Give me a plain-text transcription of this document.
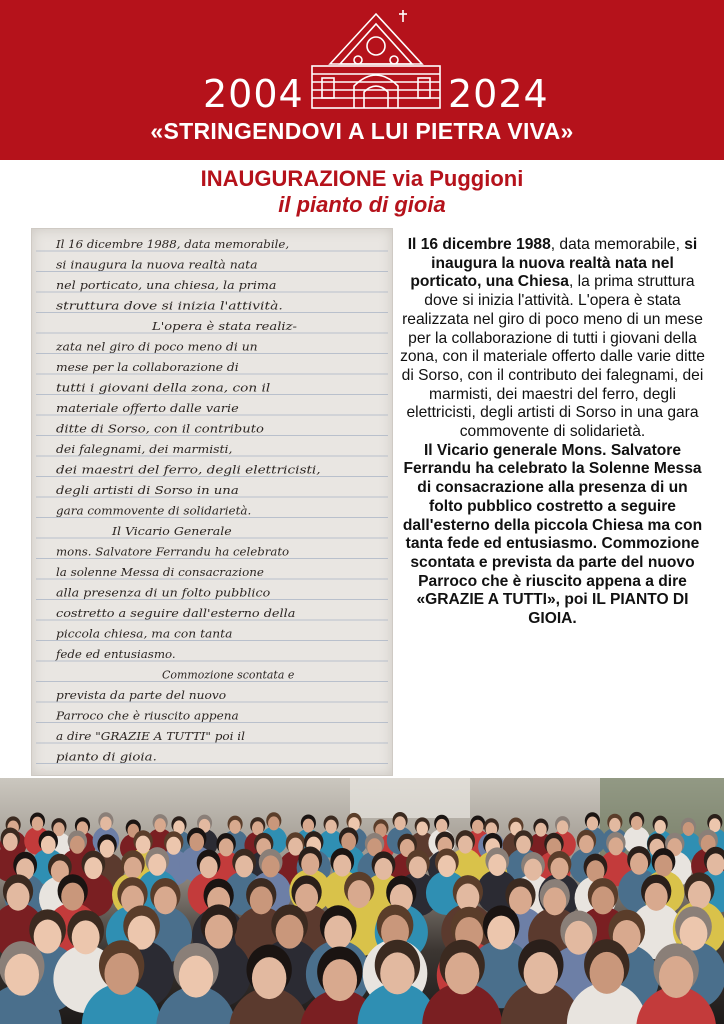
2004	2024
«STRINGENDOVI A LUI PIETRA VIVA»
INAUGURAZIONE via Puggioni
il pianto di gioia
Il 16 dicembre 1988, data memorabile,
si inaugura la nuova realtà nata
nel porticato, una chiesa, la prima
struttura dove si inizia l'attività.
L'opera è stata realiz-
zata nel giro di poco meno di un
mese per la collaborazione di
tutti i giovani della zona, con il
materiale offerto dalle varie
ditte di Sorso, con il contributo
dei falegnami, dei marmisti,
dei maestri del ferro, degli elettricisti,
degli artisti di Sorso in una
gara commovente di solidarietà.
Il Vicario Generale
mons. Salvatore Ferrandu ha celebrato
la solenne Messa di consacrazione
alla presenza di un folto pubblico
costretto a seguire dall'esterno della
piccola chiesa, ma con tanta
fede ed entusiasmo.
Commozione scontata e
prevista da parte del nuovo
Parroco che è riuscito appena
a dire "GRAZIE A TUTTI" poi il
pianto di gioia.
Il 16 dicembre 1988, data memorabile, si inaugura la nuova realtà nata nel porticato, una Chiesa, la prima struttura dove si inizia l'attività. L'opera è stata realizzata nel giro di poco meno di un mese per la collaborazione di tutti i giovani della zona, con il materiale offerto dalle varie ditte di Sorso, con il contributo dei falegnami, dei marmisti, dei maestri del ferro, degli elettricisti, degli artisti di Sorso in una gara commovente di solidarietà.
Il Vicario generale Mons. Salvatore Ferrandu ha celebrato la Solenne Messa di consacrazione alla presenza di un folto pubblico costretto a seguire dall'esterno della piccola Chiesa ma con tanta fede ed entusiasmo. Commozione scontata e prevista da parte del nuovo Parroco che è riuscito appena a dire «GRAZIE A TUTTI», poi IL PIANTO DI GIOIA.
